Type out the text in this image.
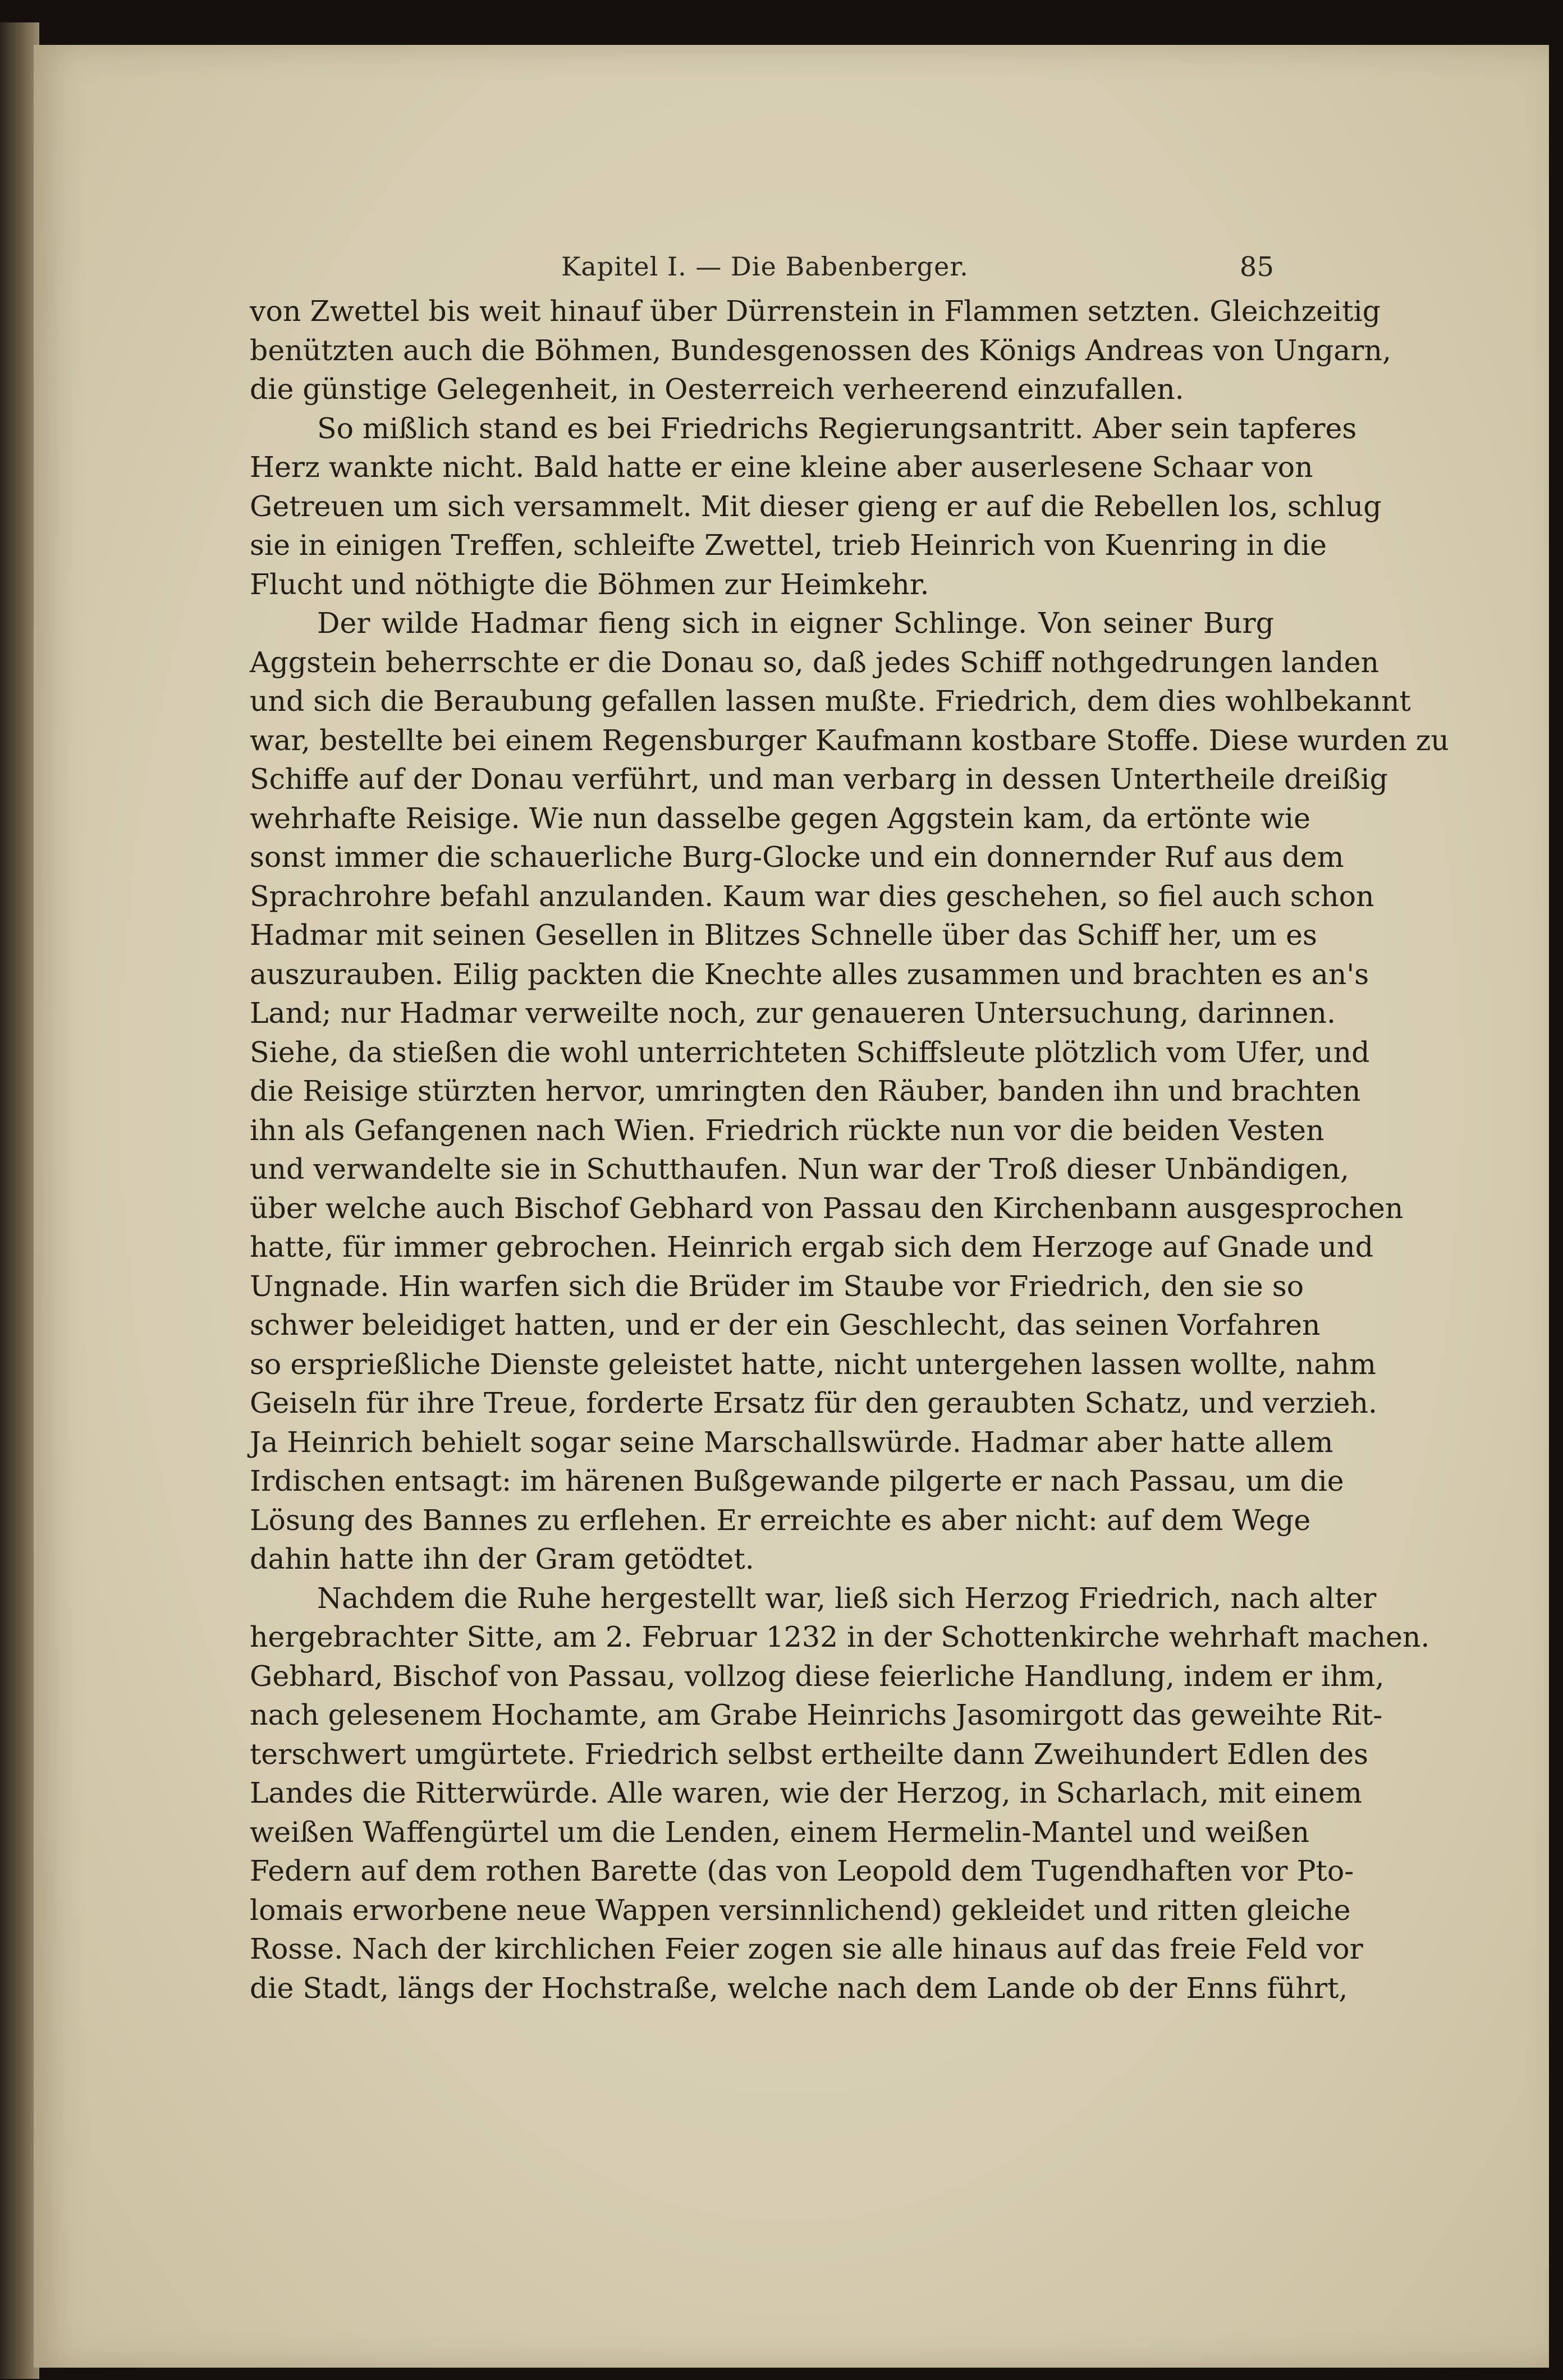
Kapitel I. — Die Babenberger.	85
von Zwettel bis weit hinauf über Dürrenstein in Flammen setzten. Gleichzeitig
benützten auch die Böhmen, Bundesgenossen des Königs Andreas von Ungarn,
die günstige Gelegenheit, in Oesterreich verheerend einzufallen.
So mißlich stand es bei Friedrichs Regierungsantritt. Aber sein tapferes
Herz wankte nicht. Bald hatte er eine kleine aber auserlesene Schaar von
Getreuen um sich versammelt. Mit dieser gieng er auf die Rebellen los, schlug
sie in einigen Treffen, schleifte Zwettel, trieb Heinrich von Kuenring in die
Flucht und nöthigte die Böhmen zur Heimkehr.
Der wilde Hadmar fieng sich in eigner Schlinge. Von seiner Burg
Aggstein beherrschte er die Donau so, daß jedes Schiff nothgedrungen landen
und sich die Beraubung gefallen lassen mußte. Friedrich, dem dies wohlbekannt
war, bestellte bei einem Regensburger Kaufmann kostbare Stoffe. Diese wurden zu
Schiffe auf der Donau verführt, und man verbarg in dessen Untertheile dreißig
wehrhafte Reisige. Wie nun dasselbe gegen Aggstein kam, da ertönte wie
sonst immer die schauerliche Burg-Glocke und ein donnernder Ruf aus dem
Sprachrohre befahl anzulanden. Kaum war dies geschehen, so fiel auch schon
Hadmar mit seinen Gesellen in Blitzes Schnelle über das Schiff her, um es
auszurauben. Eilig packten die Knechte alles zusammen und brachten es an's
Land; nur Hadmar verweilte noch, zur genaueren Untersuchung, darinnen.
Siehe, da stießen die wohl unterrichteten Schiffsleute plötzlich vom Ufer, und
die Reisige stürzten hervor, umringten den Räuber, banden ihn und brachten
ihn als Gefangenen nach Wien. Friedrich rückte nun vor die beiden Vesten
und verwandelte sie in Schutthaufen. Nun war der Troß dieser Unbändigen,
über welche auch Bischof Gebhard von Passau den Kirchenbann ausgesprochen
hatte, für immer gebrochen. Heinrich ergab sich dem Herzoge auf Gnade und
Ungnade. Hin warfen sich die Brüder im Staube vor Friedrich, den sie so
schwer beleidiget hatten, und er der ein Geschlecht, das seinen Vorfahren
so ersprießliche Dienste geleistet hatte, nicht untergehen lassen wollte, nahm
Geiseln für ihre Treue, forderte Ersatz für den geraubten Schatz, und verzieh.
Ja Heinrich behielt sogar seine Marschallswürde. Hadmar aber hatte allem
Irdischen entsagt: im härenen Bußgewande pilgerte er nach Passau, um die
Lösung des Bannes zu erflehen. Er erreichte es aber nicht: auf dem Wege
dahin hatte ihn der Gram getödtet.
Nachdem die Ruhe hergestellt war, ließ sich Herzog Friedrich, nach alter
hergebrachter Sitte, am 2. Februar 1232 in der Schottenkirche wehrhaft machen.
Gebhard, Bischof von Passau, vollzog diese feierliche Handlung, indem er ihm,
nach gelesenem Hochamte, am Grabe Heinrichs Jasomirgott das geweihte Rit-
terschwert umgürtete. Friedrich selbst ertheilte dann Zweihundert Edlen des
Landes die Ritterwürde. Alle waren, wie der Herzog, in Scharlach, mit einem
weißen Waffengürtel um die Lenden, einem Hermelin-Mantel und weißen
Federn auf dem rothen Barette (das von Leopold dem Tugendhaften vor Pto-
lomais erworbene neue Wappen versinnlichend) gekleidet und ritten gleiche
Rosse. Nach der kirchlichen Feier zogen sie alle hinaus auf das freie Feld vor
die Stadt, längs der Hochstraße, welche nach dem Lande ob der Enns führt,
